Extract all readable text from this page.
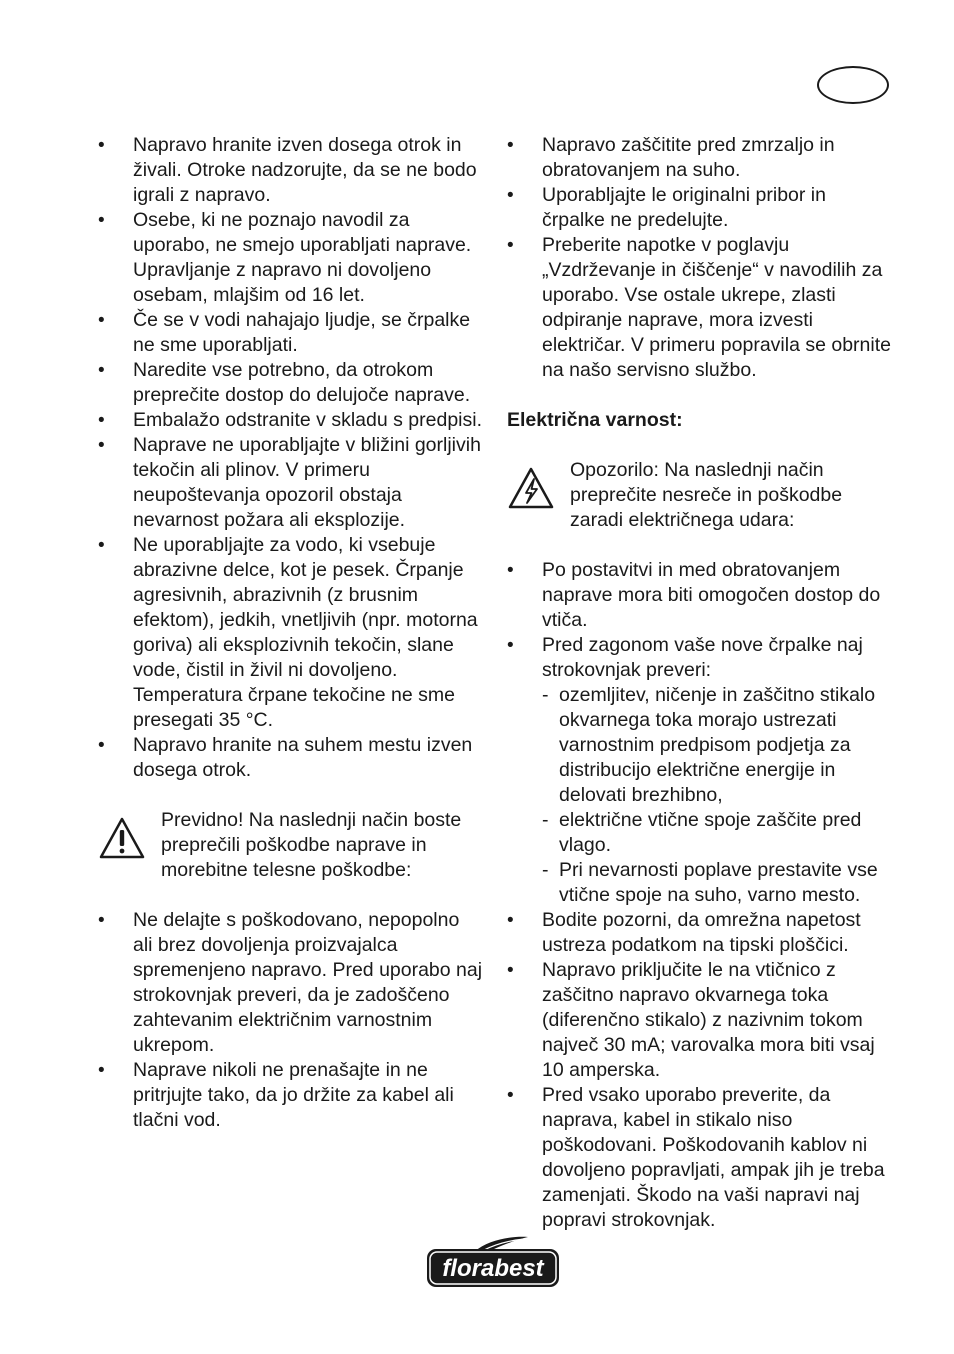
• Napravo hranite izven dosega otrok in živali. Otroke nadzorujte, da se ne bodo igrali z napravo.
• Osebe, ki ne poznajo navodil za uporabo, ne smejo uporabljati naprave. Upravljanje z napravo ni dovoljeno osebam, mlajšim od 16 let.
• Če se v vodi nahajajo ljudje, se črpalke ne sme uporabljati.
• Naredite vse potrebno, da otrokom preprečite dostop do delujoče naprave.
• Embalažo odstranite v skladu s predpisi.
• Naprave ne uporabljajte v bližini gorljivih tekočin ali plinov. V primeru neupoštevanja opozoril obstaja nevarnost požara ali eksplozije.
• Ne uporabljajte za vodo, ki vsebuje abrazivne delce, kot je pesek. Črpanje agresivnih, abrazivnih (z brusnim efektom), jedkih, vnetljivih (npr. motorna goriva) ali eksplozivnih tekočin, slane vode, čistil in živil ni dovoljeno. Temperatura črpane tekočine ne sme presegati 35 °C.
• Napravo hranite na suhem mestu izven dosega otrok.
Previdno! Na naslednji način boste preprečili poškodbe naprave in morebitne telesne poškodbe:
• Ne delajte s poškodovano, nepopolno ali brez dovoljenja proizvajalca spremenjeno napravo. Pred uporabo naj strokovnjak preveri, da je zadoščeno zahtevanim električnim varnostnim ukrepom.
• Naprave nikoli ne prenašajte in ne pritrjujte tako, da jo držite za kabel ali tlačni vod.
• Napravo zaščitite pred zmrzaljo in obratovanjem na suho.
• Uporabljajte le originalni pribor in črpalke ne predelujte.
• Preberite napotke v poglavju „Vzdrževanje in čiščenje“ v navodilih za uporabo. Vse ostale ukrepe, zlasti odpiranje naprave, mora izvesti električar. V primeru popravila se obrnite na našo servisno službo.
Električna varnost:
Opozorilo: Na naslednji način preprečite nesreče in poškodbe zaradi električnega udara:
• Po postavitvi in med obratovanjem naprave mora biti omogočen dostop do vtiča.
• Pred zagonom vaše nove črpalke naj strokovnjak preveri:
- ozemljitev, ničenje in zaščitno stikalo okvarnega toka morajo ustrezati varnostnim predpisom podjetja za distribucijo električne energije in delovati brezhibno,
- električne vtične spoje zaščite pred vlago.
- Pri nevarnosti poplave prestavite vse vtične spoje na suho, varno mesto.
• Bodite pozorni, da omrežna napetost ustreza podatkom na tipski ploščici.
• Napravo priključite le na vtičnico z zaščitno napravo okvarnega toka (diferenčno stikalo) z nazivnim tokom največ 30 mA; varovalka mora biti vsaj 10 amperska.
• Pred vsako uporabo preverite, da naprava, kabel in stikalo niso poškodovani. Poškodovanih kablov ni dovoljeno popravljati, ampak jih je treba zamenjati. Škodo na vaši napravi naj popravi strokovnjak.
florabest
